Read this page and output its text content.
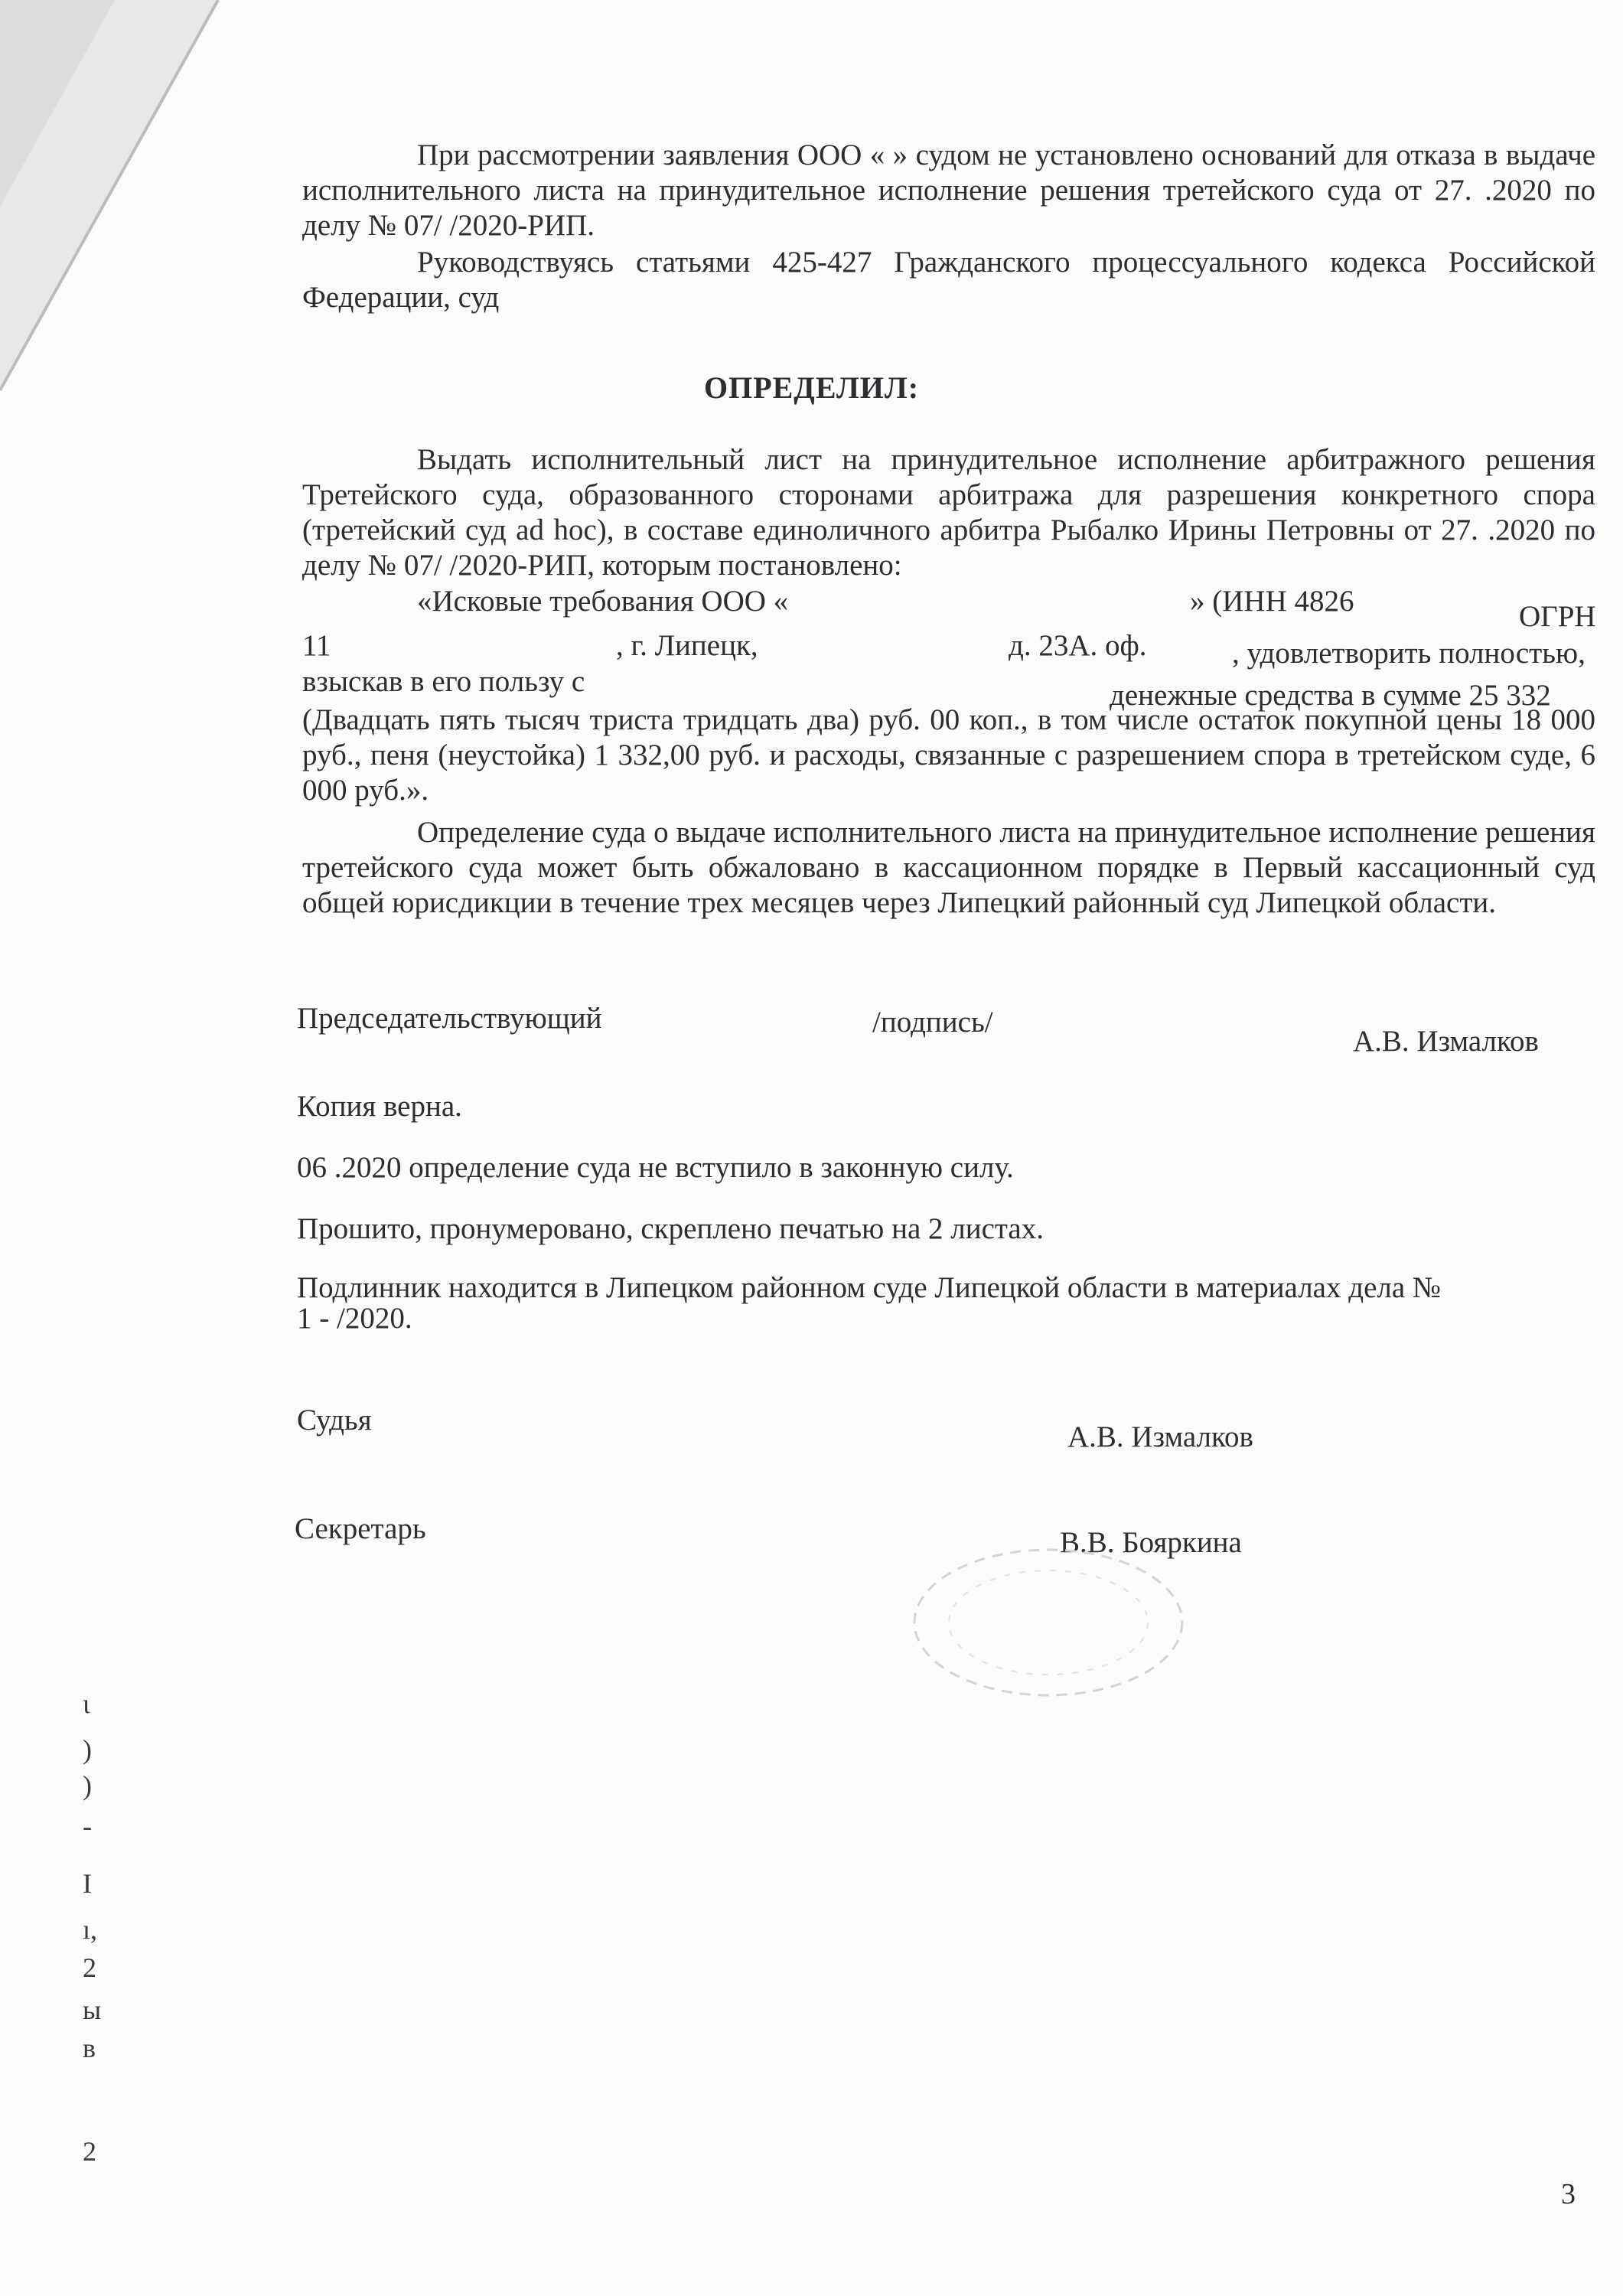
При рассмотрении заявления ООО « » судом не установлено оснований для отказа в выдаче исполнительного листа на принудительное исполнение решения третейского суда от 27. .2020 по делу № 07/ /2020-РИП.

Руководствуясь статьями 425-427 Гражданского процессуального кодекса Российской Федерации, суд

ОПРЕДЕЛИЛ:

Выдать исполнительный лист на принудительное исполнение арбитражного решения Третейского суда, образованного сторонами арбитража для разрешения конкретного спора (третейский суд ad hoc), в составе единоличного арбитра Рыбалко Ирины Петровны от 27. .2020 по делу № 07/ /2020-РИП, которым постановлено:

«Исковые требования ООО «	» (ИНН 4826	ОГРН
11	, г. Липецк,	д. 23А. оф.	, удовлетворить полностью,
взыскав в его пользу с	денежные средства в сумме 25 332

(Двадцать пять тысяч триста тридцать два) руб. 00 коп., в том числе остаток покупной цены 18 000 руб., пеня (неустойка) 1 332,00 руб. и расходы, связанные с разрешением спора в третейском суде, 6 000 руб.».

Определение суда о выдаче исполнительного листа на принудительное исполнение решения третейского суда может быть обжаловано в кассационном порядке в Первый кассационный суд общей юрисдикции в течение трех месяцев через Липецкий районный суд Липецкой области.

Председательствующий	/подпись/
А.В. Измалков
Копия верна.
06 .2020 определение суда не вступило в законную силу.
Прошито, пронумеровано, скреплено печатью на 2 листах.
Подлинник находится в Липецком районном суде Липецкой области в материалах дела №
1 - /2020.
Судья
А.В. Измалков
Секретарь	В.В. Бояркина
ι
)
)
-
I
ı,
2
ы
в
2
3
